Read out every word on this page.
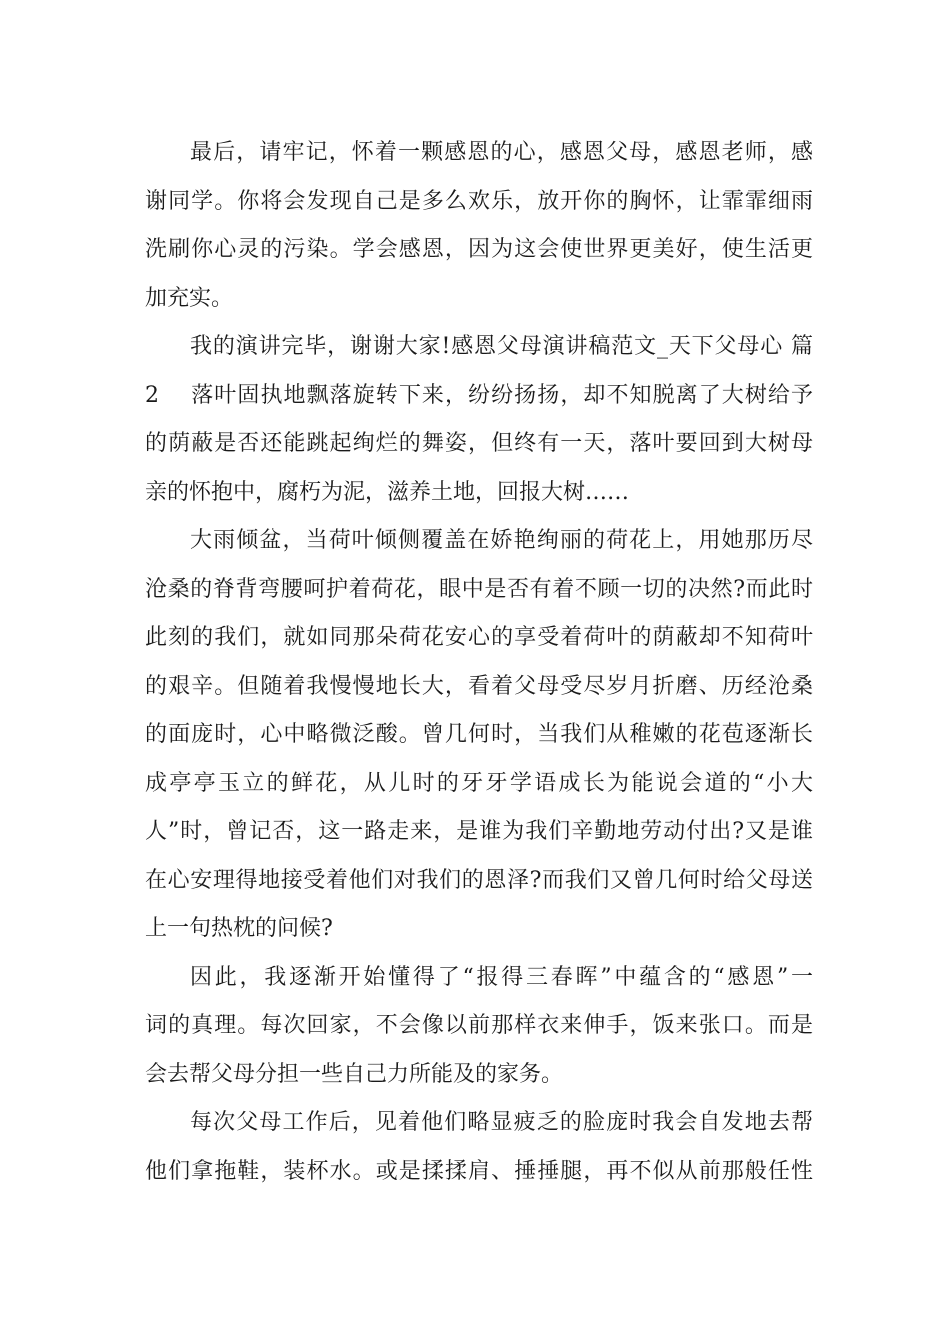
最后，请牢记，怀着一颗感恩的心，感恩父母，感恩老师，感
谢同学。你将会发现自己是多么欢乐，放开你的胸怀，让霏霏细雨
洗刷你心灵的污染。学会感恩，因为这会使世界更美好，使生活更
加充实。
我的演讲完毕，谢谢大家!感恩父母演讲稿范文_天下父母心 篇
2    落叶固执地飘落旋转下来，纷纷扬扬，却不知脱离了大树给予
的荫蔽是否还能跳起绚烂的舞姿，但终有一天，落叶要回到大树母
亲的怀抱中，腐朽为泥，滋养土地，回报大树……
大雨倾盆，当荷叶倾侧覆盖在娇艳绚丽的荷花上，用她那历尽
沧桑的脊背弯腰呵护着荷花，眼中是否有着不顾一切的决然?而此时
此刻的我们，就如同那朵荷花安心的享受着荷叶的荫蔽却不知荷叶
的艰辛。但随着我慢慢地长大，看着父母受尽岁月折磨、历经沧桑
的面庞时，心中略微泛酸。曾几何时，当我们从稚嫩的花苞逐渐长
成亭亭玉立的鲜花，从儿时的牙牙学语成长为能说会道的“小大
人”时，曾记否，这一路走来，是谁为我们辛勤地劳动付出?又是谁
在心安理得地接受着他们对我们的恩泽?而我们又曾几何时给父母送
上一句热枕的问候?
因此，我逐渐开始懂得了“报得三春晖”中蕴含的“感恩”一
词的真理。每次回家，不会像以前那样衣来伸手，饭来张口。而是
会去帮父母分担一些自己力所能及的家务。
每次父母工作后，见着他们略显疲乏的脸庞时我会自发地去帮
他们拿拖鞋，装杯水。或是揉揉肩、捶捶腿，再不似从前那般任性
